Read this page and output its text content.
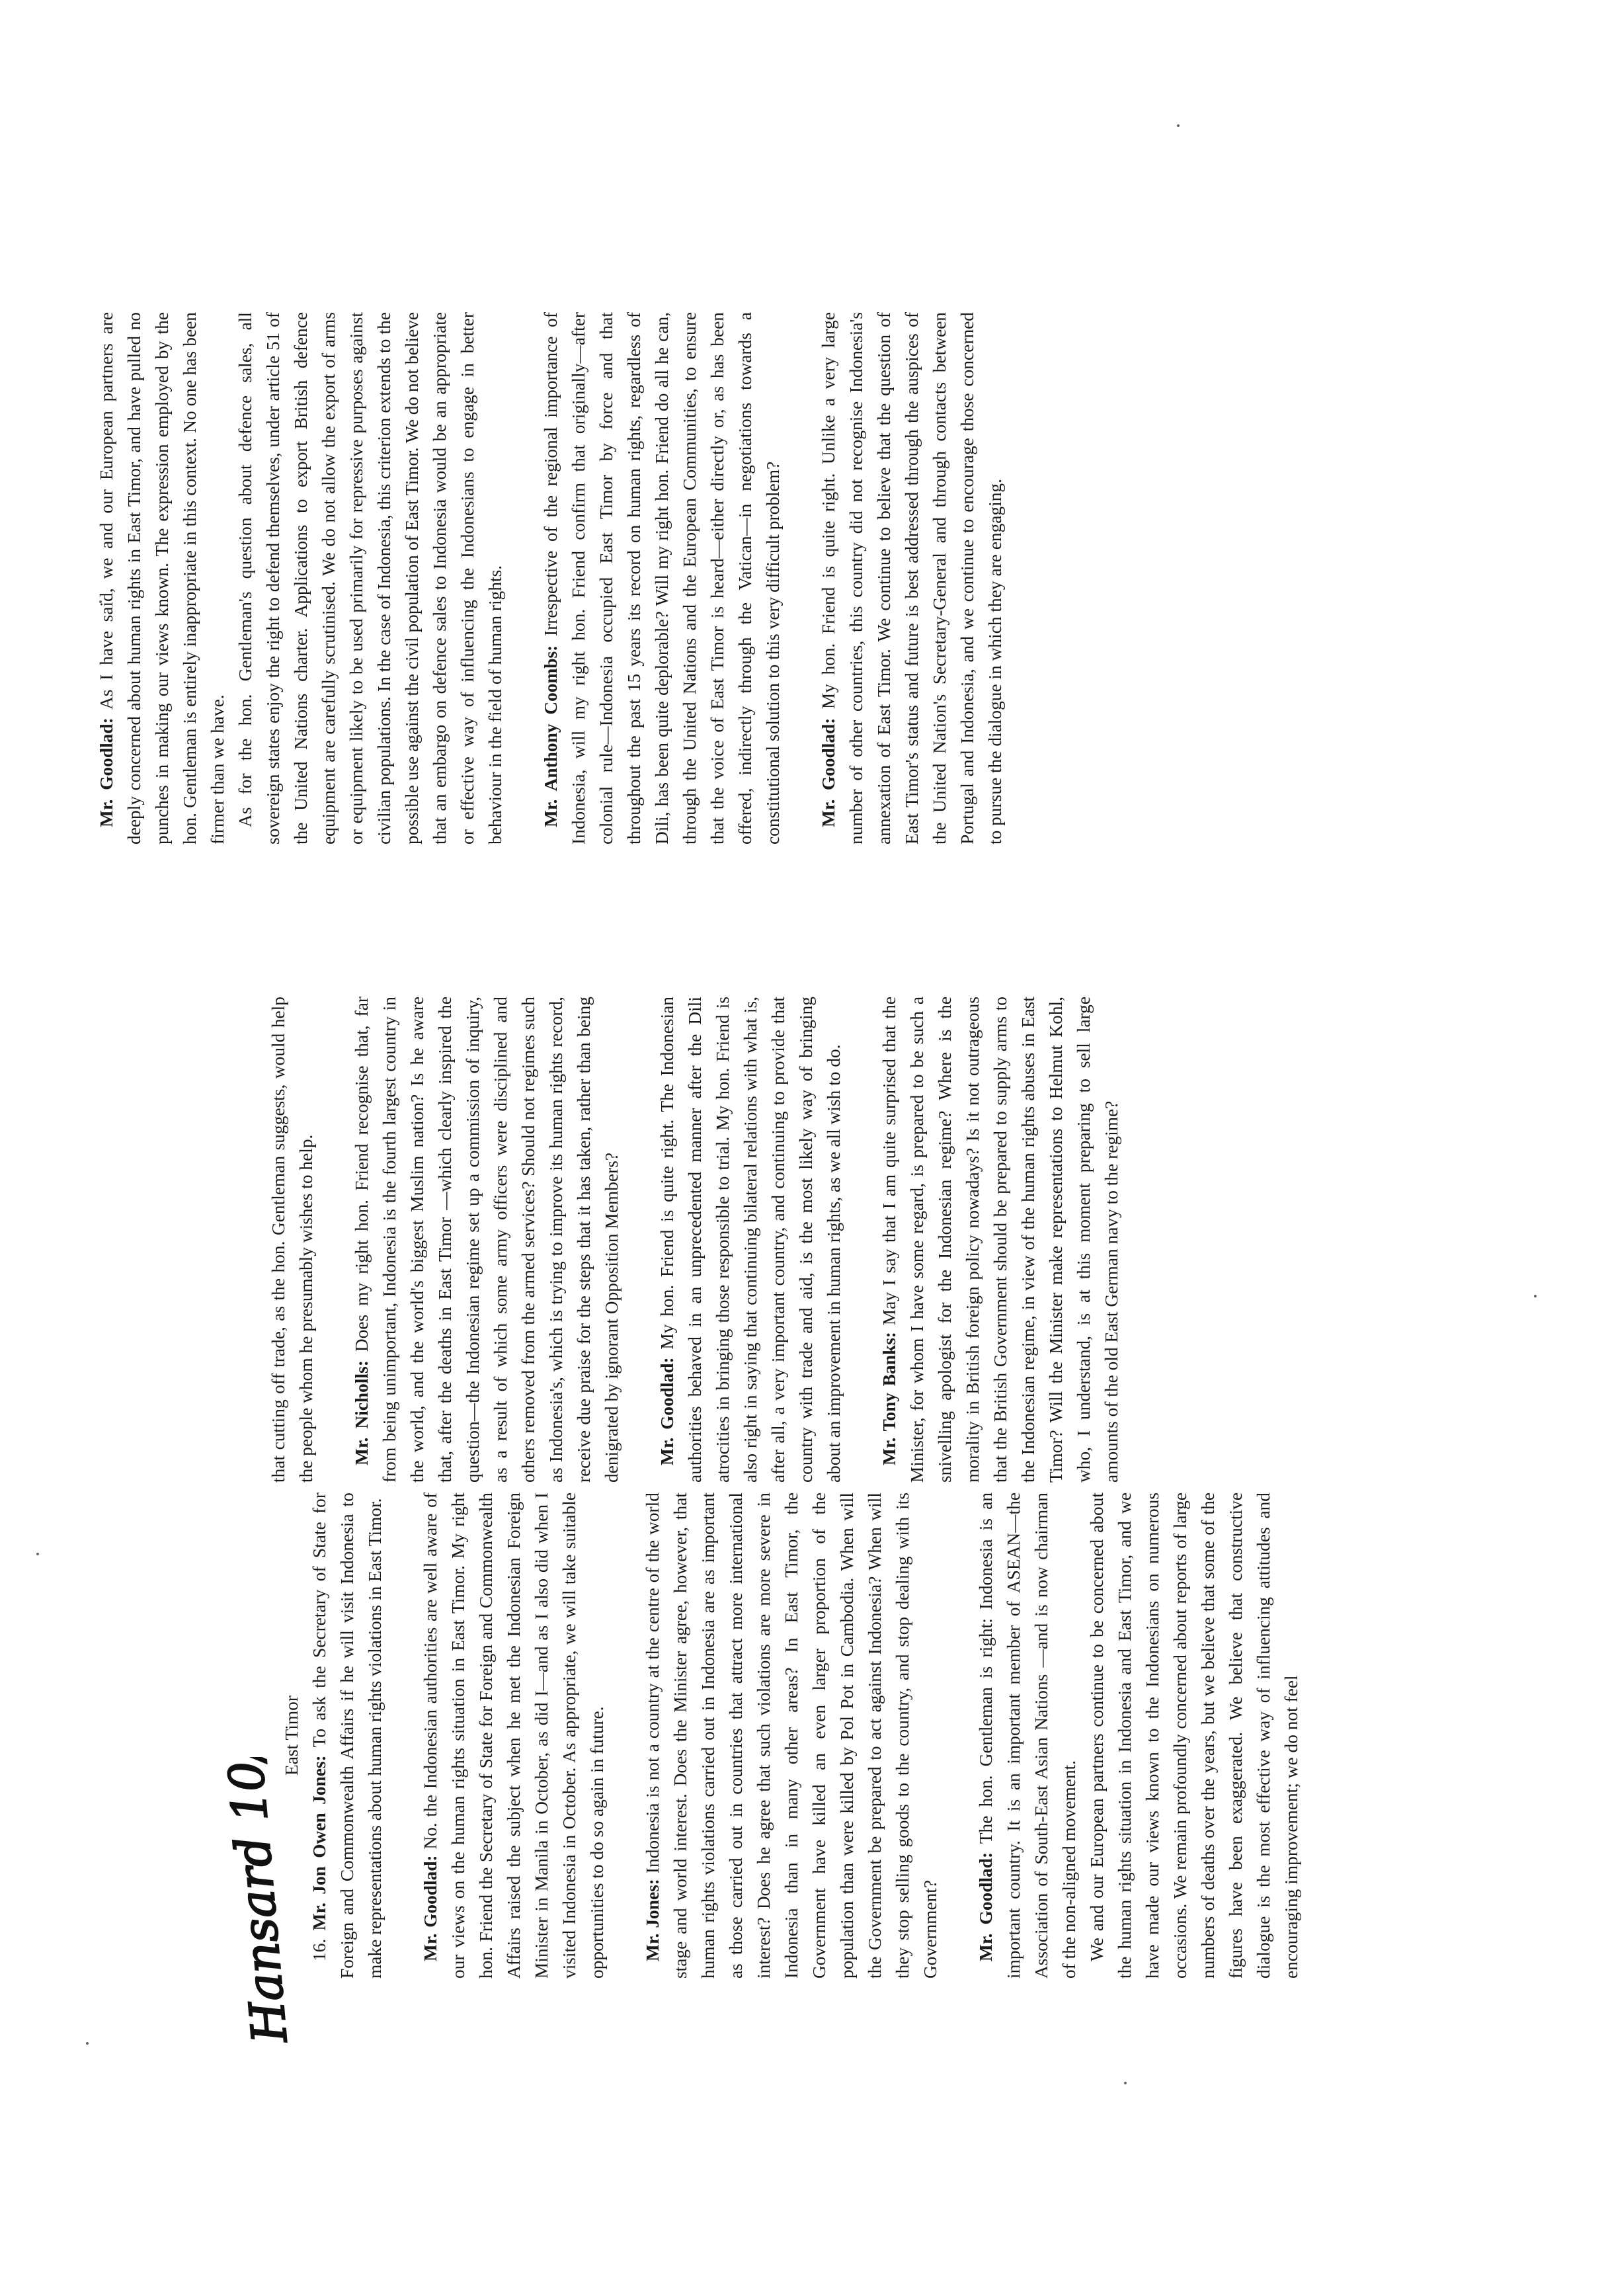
East Timor

16. Mr. Jon Owen Jones: To ask the Secretary of State for Foreign and Commonwealth Affairs if he will visit Indonesia to make representations about human rights violations in East Timor. Mr. Goodlad: No. the Indonesian authorities are well aware of our views on the human rights situation in East Timor. My right hon. Friend the Secretary of State for Foreign and Commonwealth Affairs raised the subject when he met the Indonesian Foreign Minister in Manila in October, as did I—and as I also did when I visited Indonesia in October. As appropriate, we will take suitable opportunities to do so again in future. Mr. Jones: Indonesia is not a country at the centre of the world stage and world interest. Does the Minister agree, however, that human rights violations carried out in Indonesia are as important as those carried out in countries that attract more international interest? Does he agree that such violations are more severe in Indonesia than in many other areas? In East Timor, the Government have killed an even larger proportion of the population than were killed by Pol Pot in Cambodia. When will the Government be prepared to act against Indonesia? When will they stop selling goods to the country, and stop dealing with its Government? Mr. Goodlad: The hon. Gentleman is right: Indonesia is an important country. It is an important member of ASEAN—the Association of South-East Asian Nations —and is now chairman of the non-aligned movement. We and our European partners continue to be concerned about the human rights situation in Indonesia and East Timor, and we have made our views known to the Indonesians on numerous occasions. We remain profoundly concerned about reports of large numbers of deaths over the years, but we believe that some of the figures have been exaggerated. We believe that constructive dialogue is the most effective way of influencing attitudes and encouraging improvement; we do not feel

that cutting off trade, as the hon. Gentleman suggests, would help the people whom he presumably wishes to help. Mr. Nicholls: Does my right hon. Friend recognise that, far from being unimportant, Indonesia is the fourth largest country in the world, and the world's biggest Muslim nation? Is he aware that, after the deaths in East Timor —which clearly inspired the question—the Indonesian regime set up a commission of inquiry, as a result of which some army officers were disciplined and others removed from the armed services? Should not regimes such as Indonesia's, which is trying to improve its human rights record, receive due praise for the steps that it has taken, rather than being denigrated by ignorant Opposition Members? Mr. Goodlad: My hon. Friend is quite right. The Indonesian authorities behaved in an unprecedented manner after the Dili atrocities in bringing those responsible to trial. My hon. Friend is also right in saying that continuing bilateral relations with what is, after all, a very important country, and continuing to provide that country with trade and aid, is the most likely way of bringing about an improvement in human rights, as we all wish to do. Mr. Tony Banks: May I say that I am quite surprised that the Minister, for whom I have some regard, is prepared to be such a snivelling apologist for the Indonesian regime? Where is the morality in British foreign policy nowadays? Is it not outrageous that the British Government should be prepared to supply arms to the Indonesian regime, in view of the human rights abuses in East Timor? Will the Minister make representations to Helmut Kohl, who, I understand, is at this moment preparing to sell large amounts of the old East German navy to the regime?

Mr. Goodlad: As I have said, we and our European partners are deeply concerned about human rights in East Timor, and have pulled no punches in making our views known. The expression employed by the hon. Gentleman is entirely inappropriate in this context. No one has been firmer than we have. As for the hon. Gentleman's question about defence sales, all sovereign states enjoy the right to defend themselves, under article 51 of the United Nations charter. Applications to export British defence equipment are carefully scrutinised. We do not allow the export of arms or equipment likely to be used primarily for repressive purposes against civilian populations. In the case of Indonesia, this criterion extends to the possible use against the civil population of East Timor. We do not believe that an embargo on defence sales to Indonesia would be an appropriate or effective way of influencing the Indonesians to engage in better behaviour in the field of human rights. Mr. Anthony Coombs: Irrespective of the regional importance of Indonesia, will my right hon. Friend confirm that originally—after colonial rule—Indonesia occupied East Timor by force and that throughout the past 15 years its record on human rights, regardless of Dili, has been quite deplorable? Will my right hon. Friend do all he can, through the United Nations and the European Communities, to ensure that the voice of East Timor is heard—either directly or, as has been offered, indirectly through the Vatican—in negotiations towards a constitutional solution to this very difficult problem? Mr. Goodlad: My hon. Friend is quite right. Unlike a very large number of other countries, this country did not recognise Indonesia's annexation of East Timor. We continue to believe that the question of East Timor's status and future is best addressed through the auspices of the United Nation's Secretary-General and through contacts between Portugal and Indonesia, and we continue to encourage those concerned to pursue the dialogue in which they are engaging.
